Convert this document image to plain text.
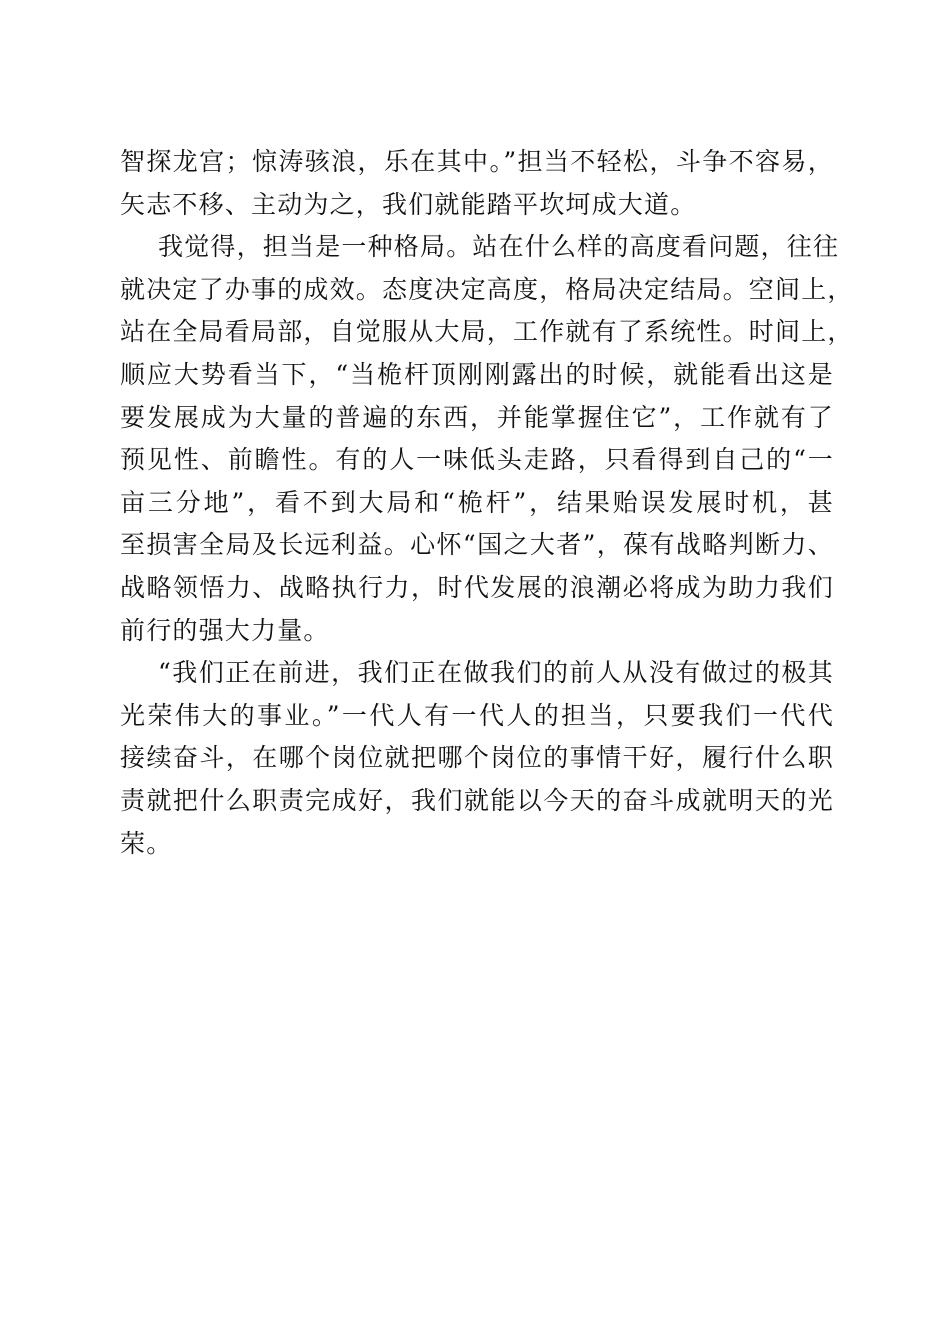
智探龙宫；惊涛骇浪，乐在其中。”担当不轻松，斗争不容易，
矢志不移、主动为之，我们就能踏平坎坷成大道。
我觉得，担当是一种格局。站在什么样的高度看问题，往往
就决定了办事的成效。态度决定高度，格局决定结局。空间上，
站在全局看局部，自觉服从大局，工作就有了系统性。时间上，
顺应大势看当下，“当桅杆顶刚刚露出的时候，就能看出这是
要发展成为大量的普遍的东西，并能掌握住它”，工作就有了
预见性、前瞻性。有的人一味低头走路，只看得到自己的“一
亩三分地”，看不到大局和“桅杆”，结果贻误发展时机，甚
至损害全局及长远利益。心怀“国之大者”，葆有战略判断力、
战略领悟力、战略执行力，时代发展的浪潮必将成为助力我们
前行的强大力量。
“我们正在前进，我们正在做我们的前人从没有做过的极其
光荣伟大的事业。”一代人有一代人的担当，只要我们一代代
接续奋斗，在哪个岗位就把哪个岗位的事情干好，履行什么职
责就把什么职责完成好，我们就能以今天的奋斗成就明天的光
荣。
